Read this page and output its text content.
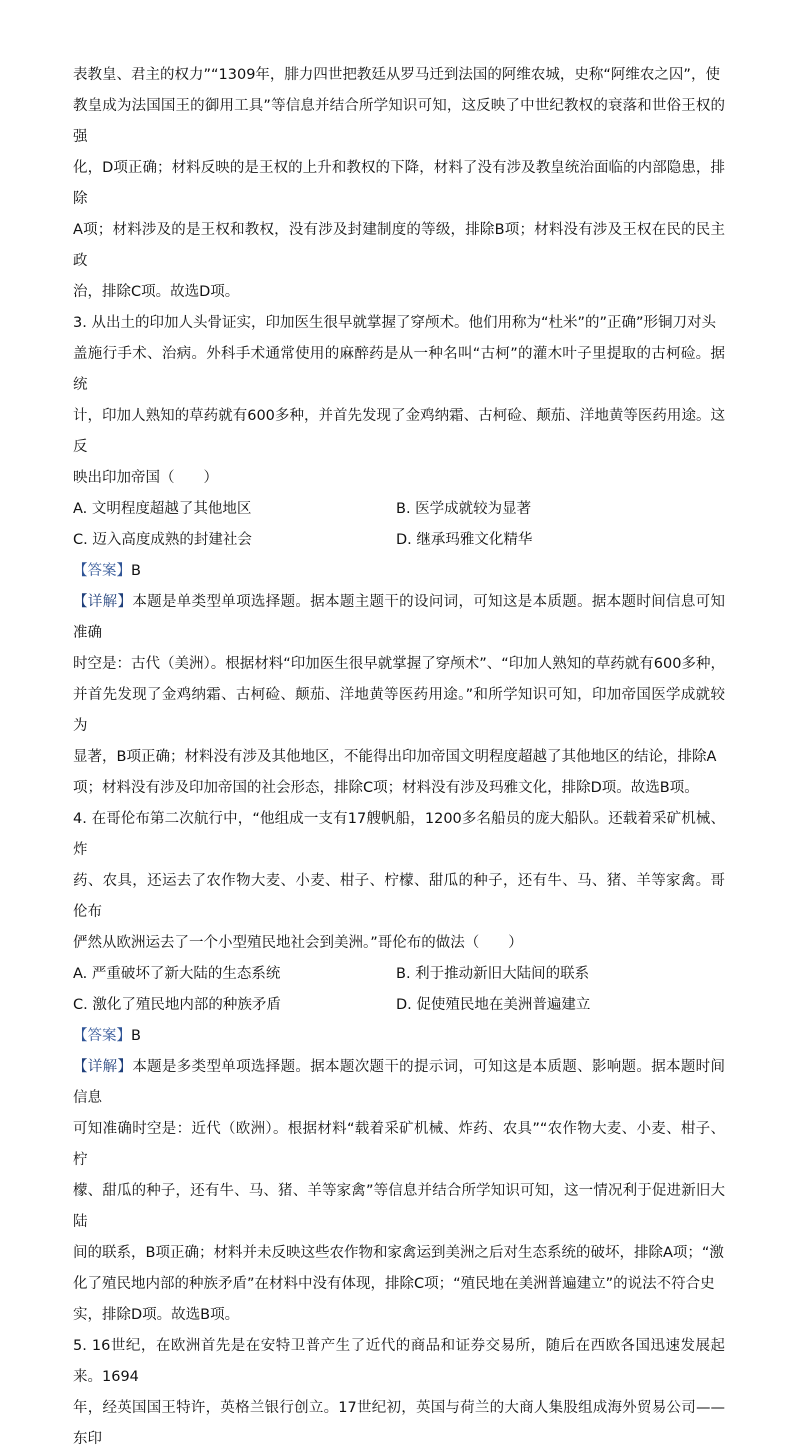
表教皇、君主的权力”“1309年，腓力四世把教廷从罗马迁到法国的阿维农城，史称“阿维农之囚”，使

教皇成为法国国王的御用工具”等信息并结合所学知识可知，这反映了中世纪教权的衰落和世俗王权的强

化，D项正确；材料反映的是王权的上升和教权的下降，材料了没有涉及教皇统治面临的内部隐患，排除

A项；材料涉及的是王权和教权，没有涉及封建制度的等级，排除B项；材料没有涉及王权在民的民主政

治，排除C项。故选D项。

3. 从出土的印加人头骨证实，印加医生很早就掌握了穿颅术。他们用称为“杜米”的”正确”形铜刀对头

盖施行手术、治病。外科手术通常使用的麻醉药是从一种名叫“古柯”的灌木叶子里提取的古柯硷。据统

计，印加人熟知的草药就有600多种，并首先发现了金鸡纳霜、古柯硷、颠茄、洋地黄等医药用途。这反

映出印加帝国（　　）

A. 文明程度超越了其他地区	B. 医学成就较为显著

C. 迈入高度成熟的封建社会	D. 继承玛雅文化精华

【答案】B

【详解】本题是单类型单项选择题。据本题主题干的设问词，可知这是本质题。据本题时间信息可知准确

时空是：古代（美洲）。根据材料“印加医生很早就掌握了穿颅术”、“印加人熟知的草药就有600多种，

并首先发现了金鸡纳霜、古柯硷、颠茄、洋地黄等医药用途。”和所学知识可知，印加帝国医学成就较为

显著，B项正确；材料没有涉及其他地区，不能得出印加帝国文明程度超越了其他地区的结论，排除A

项；材料没有涉及印加帝国的社会形态，排除C项；材料没有涉及玛雅文化，排除D项。故选B项。

4. 在哥伦布第二次航行中，“他组成一支有17艘帆船，1200多名船员的庞大船队。还载着采矿机械、炸

药、农具，还运去了农作物大麦、小麦、柑子、柠檬、甜瓜的种子，还有牛、马、猪、羊等家禽。哥伦布

俨然从欧洲运去了一个小型殖民地社会到美洲。”哥伦布的做法（　　）

A. 严重破坏了新大陆的生态系统	B. 利于推动新旧大陆间的联系

C. 激化了殖民地内部的种族矛盾	D. 促使殖民地在美洲普遍建立

【答案】B

【详解】本题是多类型单项选择题。据本题次题干的提示词，可知这是本质题、影响题。据本题时间信息

可知准确时空是：近代（欧洲）。根据材料“载着采矿机械、炸药、农具”“农作物大麦、小麦、柑子、柠

檬、甜瓜的种子，还有牛、马、猪、羊等家禽”等信息并结合所学知识可知，这一情况利于促进新旧大陆

间的联系，B项正确；材料并未反映这些农作物和家禽运到美洲之后对生态系统的破坏，排除A项；“激

化了殖民地内部的种族矛盾”在材料中没有体现，排除C项；“殖民地在美洲普遍建立”的说法不符合史

实，排除D项。故选B项。

5. 16世纪，在欧洲首先是在安特卫普产生了近代的商品和证券交易所，随后在西欧各国迅速发展起来。1694

年，经英国国王特许，英格兰银行创立。17世纪初，英国与荷兰的大商人集股组成海外贸易公司——东印
